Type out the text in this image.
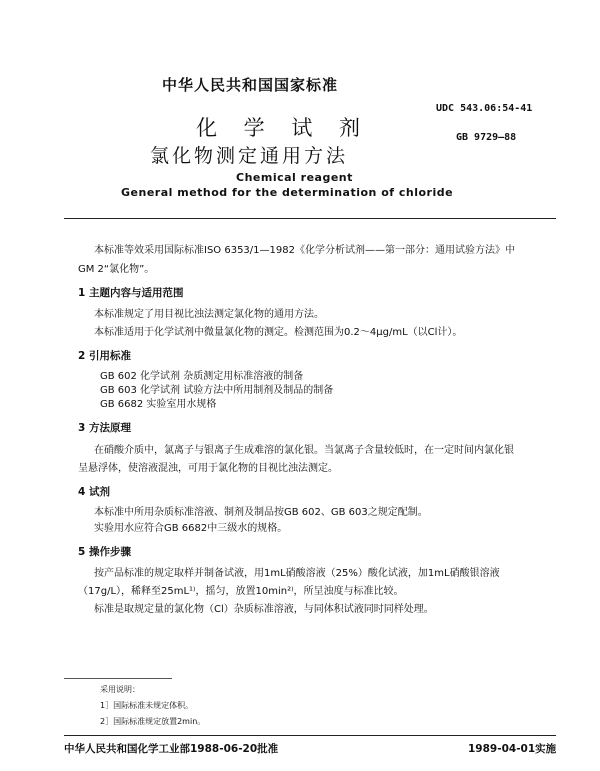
中华人民共和国国家标准
UDC 543.06:54-41
GB 9729—88
化 学 试 剂
氯化物测定通用方法
Chemical reagent
General method for the determination of chloride
本标准等效采用国际标准ISO 6353/1—1982《化学分析试剂——第一部分：通用试验方法》中
GM 2“氯化物”。
1 主题内容与适用范围
本标准规定了用目视比浊法测定氯化物的通用方法。
本标准适用于化学试剂中微量氯化物的测定。检测范围为0.2～4μg/mL（以Cl计）。
2 引用标准
GB 602 化学试剂 杂质测定用标准溶液的制备
GB 603 化学试剂 试验方法中所用制剂及制品的制备
GB 6682 实验室用水规格
3 方法原理
在硝酸介质中，氯离子与银离子生成难溶的氯化银。当氯离子含量较低时，在一定时间内氯化银
呈悬浮体，使溶液混浊，可用于氯化物的目视比浊法测定。
4 试剂
本标准中所用杂质标准溶液、制剂及制品按GB 602、GB 603之规定配制。
实验用水应符合GB 6682中三级水的规格。
5 操作步骤
按产品标准的规定取样并制备试液，用1mL硝酸溶液（25%）酸化试液，加1mL硝酸银溶液
（17g/L），稀释至25mL¹⁾，摇匀，放置10min²⁾，所呈浊度与标准比较。
标准是取规定量的氯化物（Cl）杂质标准溶液，与同体积试液同时同样处理。
采用说明：
1］国际标准未规定体积。
2］国际标准规定放置2min。
中华人民共和国化学工业部1988-06-20批准	1989-04-01实施
